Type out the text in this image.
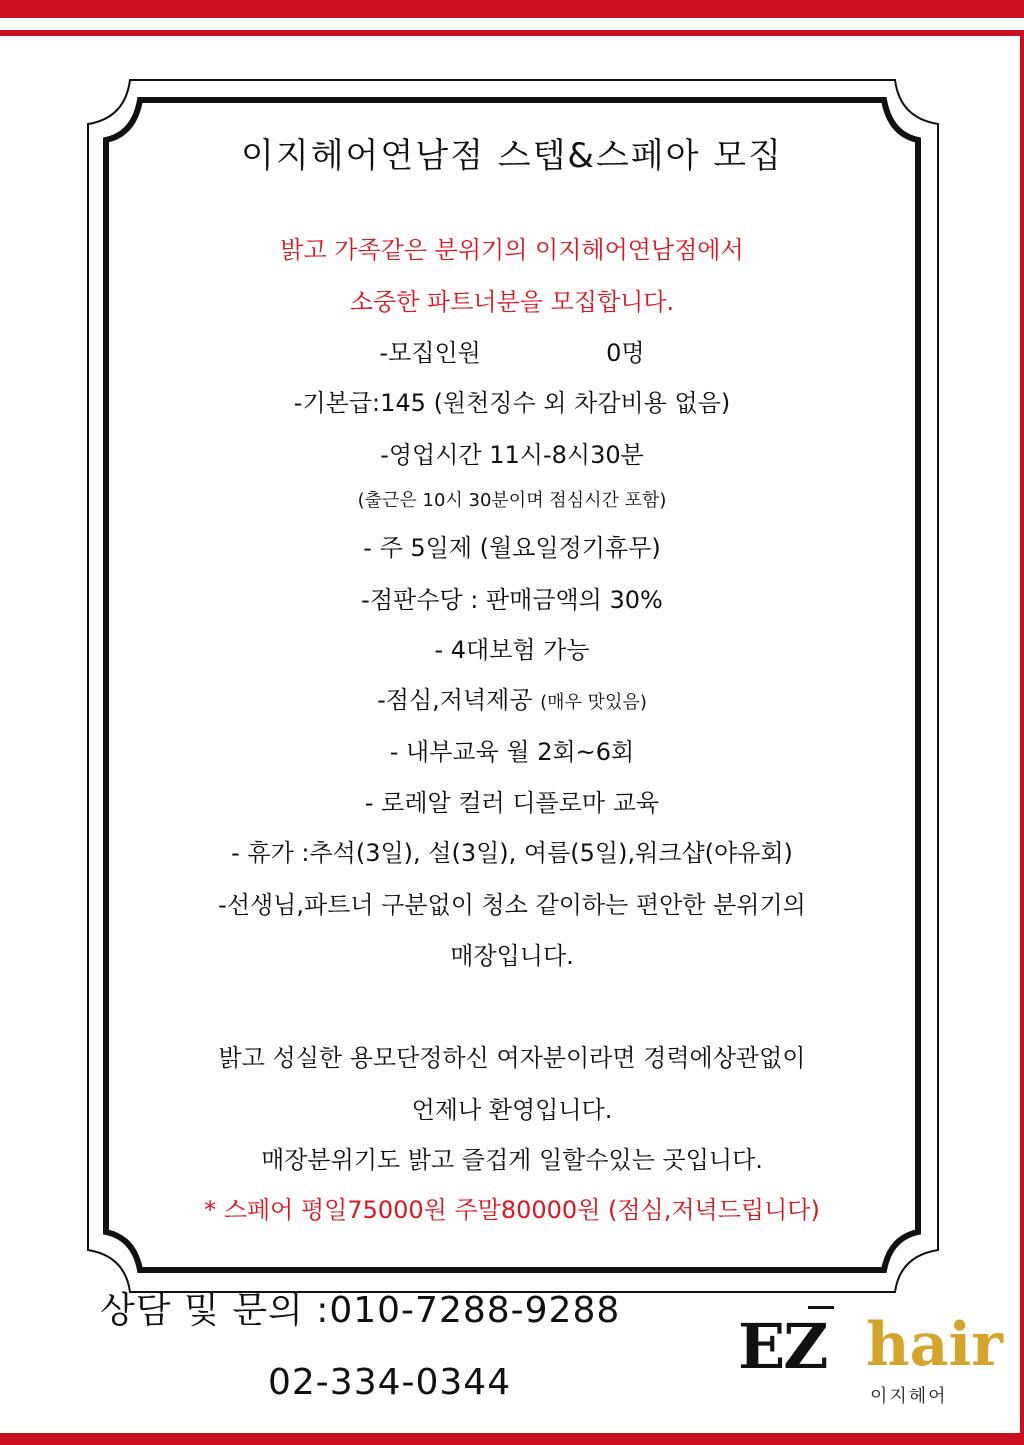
이지헤어연남점 스텝&스페아 모집
밝고 가족같은 분위기의 이지헤어연남점에서
소중한 파트너분을 모집합니다.
-모집인원	0명
-기본급:145 (원천징수 외 차감비용 없음)
-영업시간 11시-8시30분
(출근은 10시 30분이며 점심시간 포함)
- 주 5일제 (월요일정기휴무)
-점판수당 : 판매금액의 30%
- 4대보험 가능
-점심,저녁제공 (매우 맛있음)
- 내부교육 월 2회~6회
- 로레알 컬러 디플로마 교육
- 휴가 :추석(3일), 설(3일), 여름(5일),워크샵(야유회)
-선생님,파트너 구분없이 청소 같이하는 편안한 분위기의
매장입니다.
밝고 성실한 용모단정하신 여자분이라면 경력에상관없이
언제나 환영입니다.
매장분위기도 밝고 즐겁게 일할수있는 곳입니다.
* 스페어 평일75000원 주말80000원 (점심,저녁드립니다)
상담 및 문의 :010-7288-9288
02-334-0344	EZ hair
이지헤어
